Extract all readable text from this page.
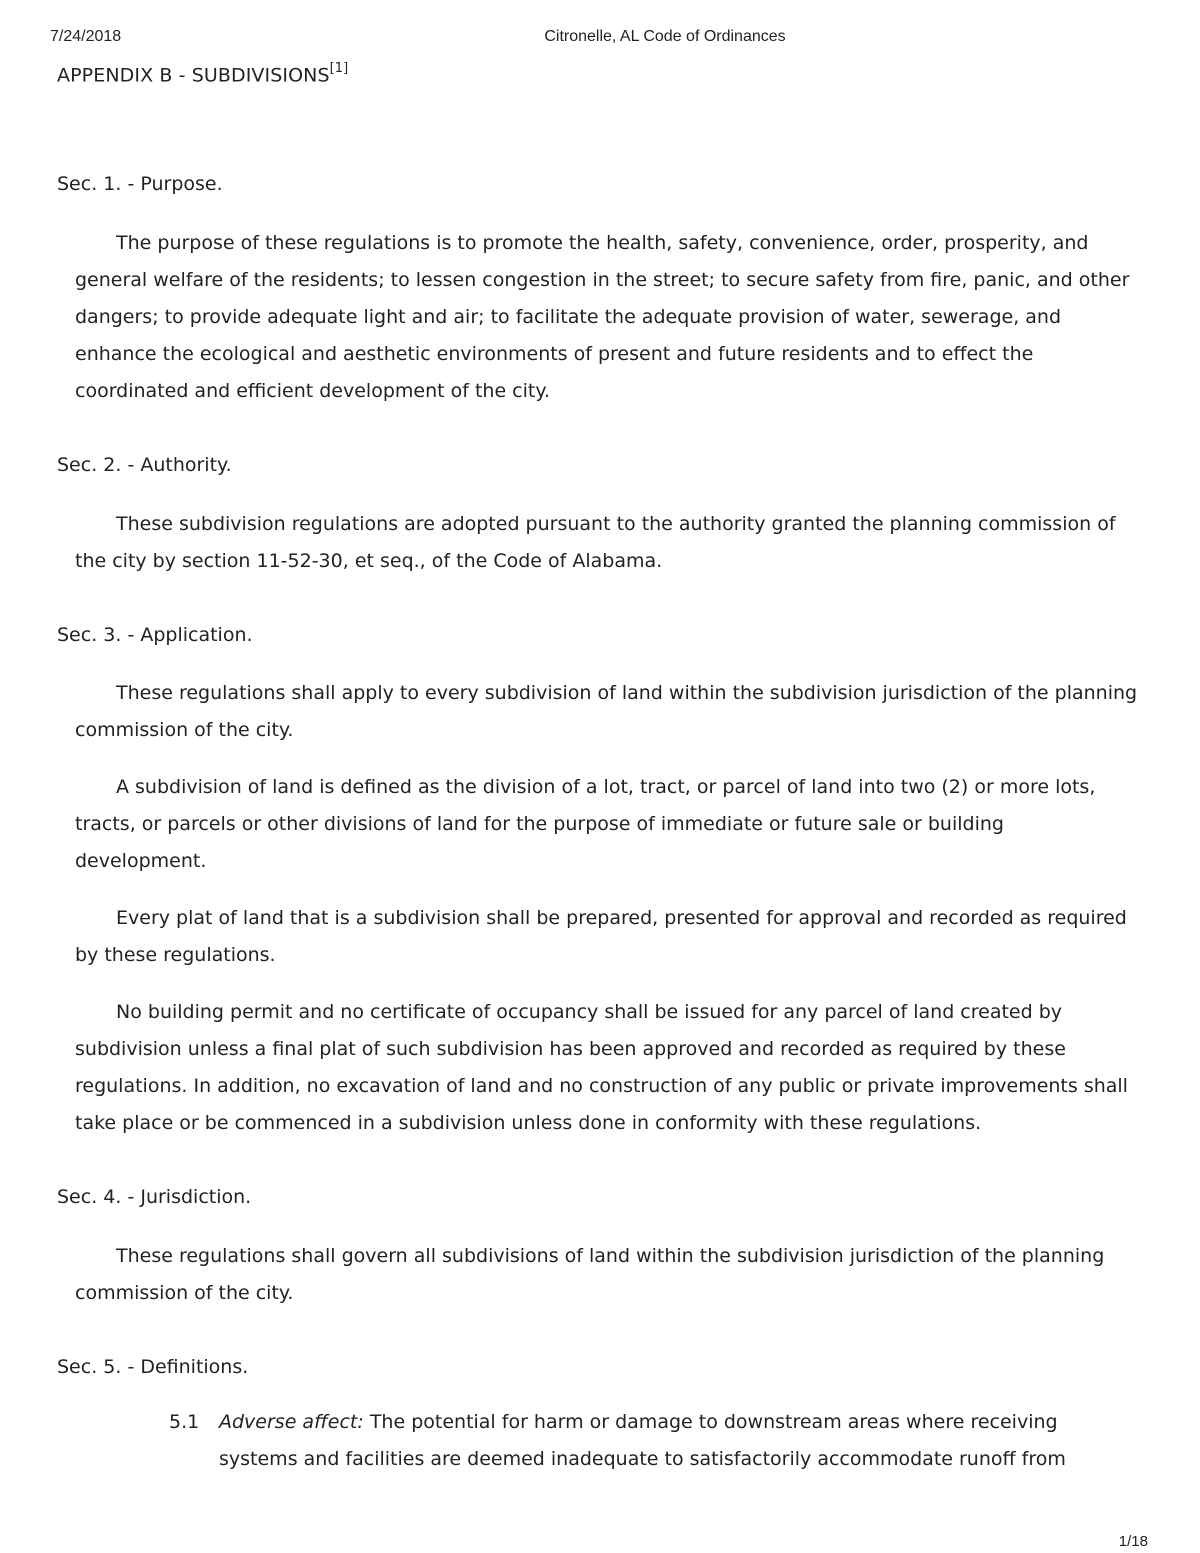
7/24/2018	Citronelle, AL Code of Ordinances
APPENDIX B - SUBDIVISIONS[1]
Sec. 1. - Purpose.
The purpose of these regulations is to promote the health, safety, convenience, order, prosperity, and general welfare of the residents; to lessen congestion in the street; to secure safety from fire, panic, and other dangers; to provide adequate light and air; to facilitate the adequate provision of water, sewerage, and enhance the ecological and aesthetic environments of present and future residents and to effect the coordinated and efficient development of the city.
Sec. 2. - Authority.
These subdivision regulations are adopted pursuant to the authority granted the planning commission of the city by section 11-52-30, et seq., of the Code of Alabama.
Sec. 3. - Application.
These regulations shall apply to every subdivision of land within the subdivision jurisdiction of the planning commission of the city.
A subdivision of land is defined as the division of a lot, tract, or parcel of land into two (2) or more lots, tracts, or parcels or other divisions of land for the purpose of immediate or future sale or building development.
Every plat of land that is a subdivision shall be prepared, presented for approval and recorded as required by these regulations.
No building permit and no certificate of occupancy shall be issued for any parcel of land created by subdivision unless a final plat of such subdivision has been approved and recorded as required by these regulations. In addition, no excavation of land and no construction of any public or private improvements shall take place or be commenced in a subdivision unless done in conformity with these regulations.
Sec. 4. - Jurisdiction.
These regulations shall govern all subdivisions of land within the subdivision jurisdiction of the planning commission of the city.
Sec. 5. - Definitions.
5.1 Adverse affect: The potential for harm or damage to downstream areas where receiving systems and facilities are deemed inadequate to satisfactorily accommodate runoff from
1/18
